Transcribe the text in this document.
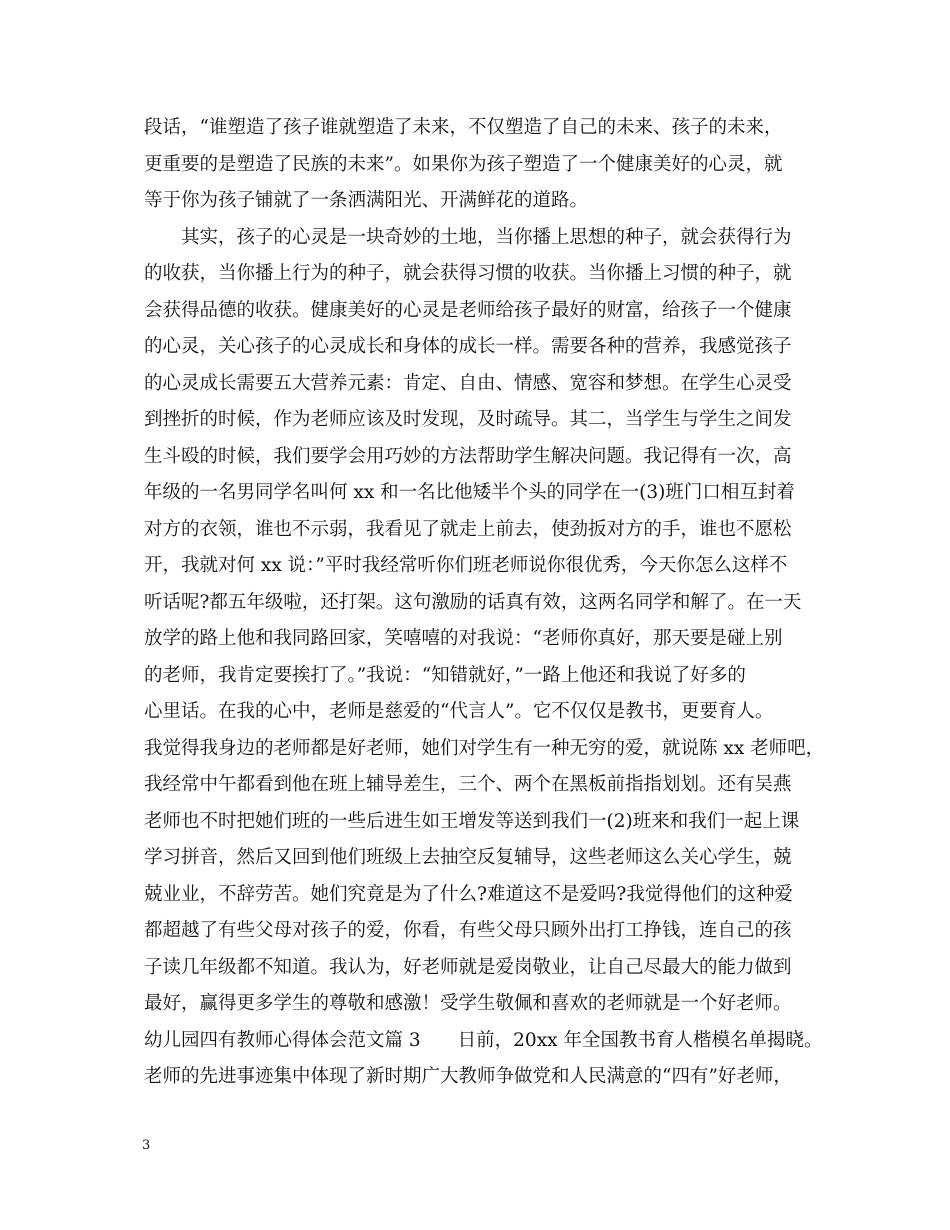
段话，“谁塑造了孩子谁就塑造了未来，不仅塑造了自己的未来、孩子的未来，
更重要的是塑造了民族的未来”。如果你为孩子塑造了一个健康美好的心灵，就
等于你为孩子铺就了一条洒满阳光、开满鲜花的道路。
　　其实，孩子的心灵是一块奇妙的土地，当你播上思想的种子，就会获得行为
的收获，当你播上行为的种子，就会获得习惯的收获。当你播上习惯的种子，就
会获得品德的收获。健康美好的心灵是老师给孩子最好的财富，给孩子一个健康
的心灵，关心孩子的心灵成长和身体的成长一样。需要各种的营养，我感觉孩子
的心灵成长需要五大营养元素：肯定、自由、情感、宽容和梦想。在学生心灵受
到挫折的时候，作为老师应该及时发现，及时疏导。其二，当学生与学生之间发
生斗殴的时候，我们要学会用巧妙的方法帮助学生解决问题。我记得有一次，高
年级的一名男同学名叫何 xx 和一名比他矮半个头的同学在一(3)班门口相互封着
对方的衣领，谁也不示弱，我看见了就走上前去，使劲扳对方的手，谁也不愿松
开，我就对何 xx 说：”平时我经常听你们班老师说你很优秀，今天你怎么这样不
听话呢?都五年级啦，还打架。这句激励的话真有效，这两名同学和解了。在一天
放学的路上他和我同路回家，笑嘻嘻的对我说：“老师你真好，那天要是碰上别
的老师，我肯定要挨打了。”我说：“知错就好，”一路上他还和我说了好多的
心里话。在我的心中，老师是慈爱的“代言人”。它不仅仅是教书，更要育人。
我觉得我身边的老师都是好老师，她们对学生有一种无穷的爱，就说陈 xx 老师吧，
我经常中午都看到他在班上辅导差生，三个、两个在黑板前指指划划。还有吴燕
老师也不时把她们班的一些后进生如王增发等送到我们一(2)班来和我们一起上课
学习拼音，然后又回到他们班级上去抽空反复辅导，这些老师这么关心学生，兢
兢业业，不辞劳苦。她们究竟是为了什么?难道这不是爱吗?我觉得他们的这种爱
都超越了有些父母对孩子的爱，你看，有些父母只顾外出打工挣钱，连自己的孩
子读几年级都不知道。我认为，好老师就是爱岗敬业，让自己尽最大的能力做到
最好，赢得更多学生的尊敬和感激！受学生敬佩和喜欢的老师就是一个好老师。
幼儿园四有教师心得体会范文篇 3　　日前，20xx 年全国教书育人楷模名单揭晓。
老师的先进事迹集中体现了新时期广大教师争做党和人民满意的“四有”好老师，
3
